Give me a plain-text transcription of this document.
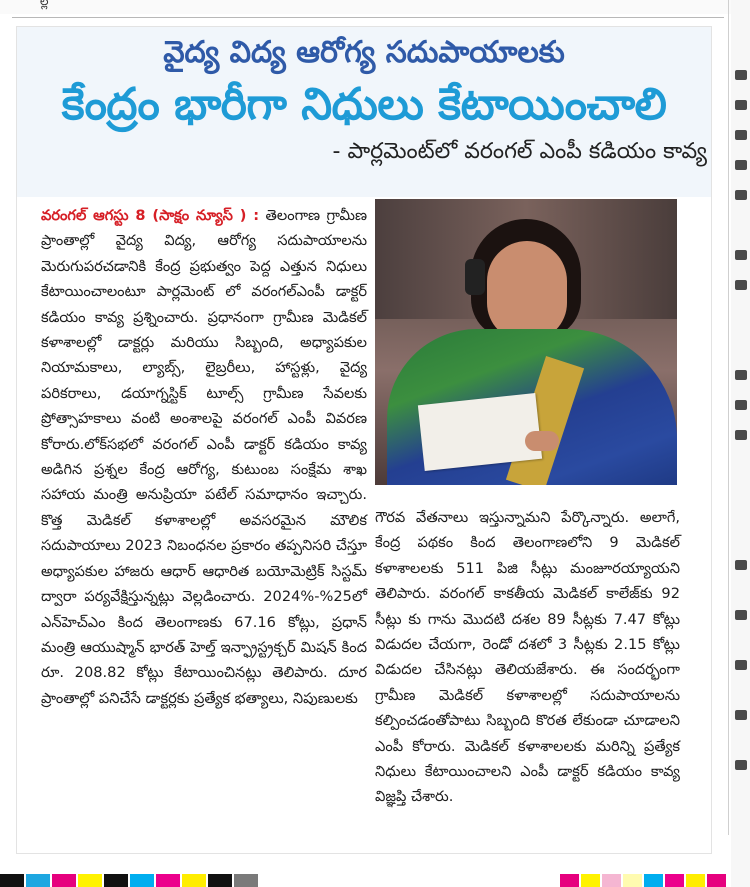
ల్ల
వైద్య విద్య ఆరోగ్య సదుపాయాలకు
కేంద్రం భారీగా నిధులు కేటాయించాలి
- పార్లమెంట్‌లో వరంగల్ ఎంపీ కడియం కావ్య
వరంగల్ ఆగస్టు 8 (సాక్షం న్యూస్ ) : తెలంగాణ గ్రామీణ ప్రాంతాల్లో వైద్య విద్య, ఆరోగ్య సదుపాయాలను మెరుగుపరచడానికి కేంద్ర ప్రభుత్వం పెద్ద ఎత్తున నిధులు కేటాయించాలంటూ పార్లమెంట్ లో వరంగల్‌ఎంపీ డాక్టర్ కడియం కావ్య ప్రశ్నించారు. ప్రధానంగా గ్రామీణ మెడికల్ కళాశాలల్లో డాక్టర్లు మరియు సిబ్బంది, అధ్యాపకుల నియామకాలు, ల్యాబ్స్, లైబ్రరీలు, హాస్టళ్లు, వైద్య పరికరాలు, డయాగ్నస్టిక్ టూల్స్ గ్రామీణ సేవలకు ప్రోత్సాహకాలు వంటి అంశాలపై వరంగల్ ఎంపీ వివరణ కోరారు.లోక్‌సభలో వరంగల్ ఎంపీ డాక్టర్ కడియం కావ్య అడిగిన ప్రశ్నల కేంద్ర ఆరోగ్య, కుటుంబ సంక్షేమ శాఖ సహాయ మంత్రి అనుప్రియా పటేల్ సమాధానం ఇచ్చారు. కొత్త మెడికల్ కళాశాలల్లో అవసరమైన మౌలిక సదుపాయాలు 2023 నిబంధనల ప్రకారం తప్పనిసరి చేస్తూ అధ్యాపకుల హాజరు ఆధార్ ఆధారిత బయోమెట్రిక్ సిస్టమ్ ద్వారా పర్యవేక్షిస్తున్నట్లు వెల్లడించారు. 2024%-%25లో ఎన్‌హెచ్‌ఎం కింద తెలంగాణకు 67.16 కోట్లు, ప్రధాన్ మంత్రి ఆయుష్మాన్ భారత్ హెల్త్ ఇన్ఫ్రాస్ట్రక్చర్ మిషన్ కింద రూ. 208.82 కోట్లు కేటాయించినట్లు తెలిపారు. దూర ప్రాంతాల్లో పనిచేసే డాక్టర్లకు ప్రత్యేక భత్యాలు, నిపుణులకు
గౌరవ వేతనాలు ఇస్తున్నామని పేర్కొన్నారు. అలాగే, కేంద్ర పథకం కింద తెలంగాణలోని 9 మెడికల్ కళాశాలలకు 511 పిజి సీట్లు మంజూరయ్యాయని తెలిపారు. వరంగల్ కాకతీయ మెడికల్ కాలేజ్‌కు 92 సీట్లు కు గాను మొదటి దశల 89 సీట్లకు 7.47 కోట్లు విడుదల చేయగా, రెండో దశలో 3 సీట్లకు 2.15 కోట్లు విడుదల చేసినట్లు తెలియజేశారు. ఈ సందర్భంగా గ్రామీణ మెడికల్ కళాశాలల్లో సదుపాయాలను కల్పించడంతోపాటు సిబ్బంది కొరత లేకుండా చూడాలని ఎంపీ కోరారు. మెడికల్ కళాశాలలకు మరిన్ని ప్రత్యేక నిధులు కేటాయించాలని ఎంపీ డాక్టర్ కడియం కావ్య విజ్ఞప్తి చేశారు.
